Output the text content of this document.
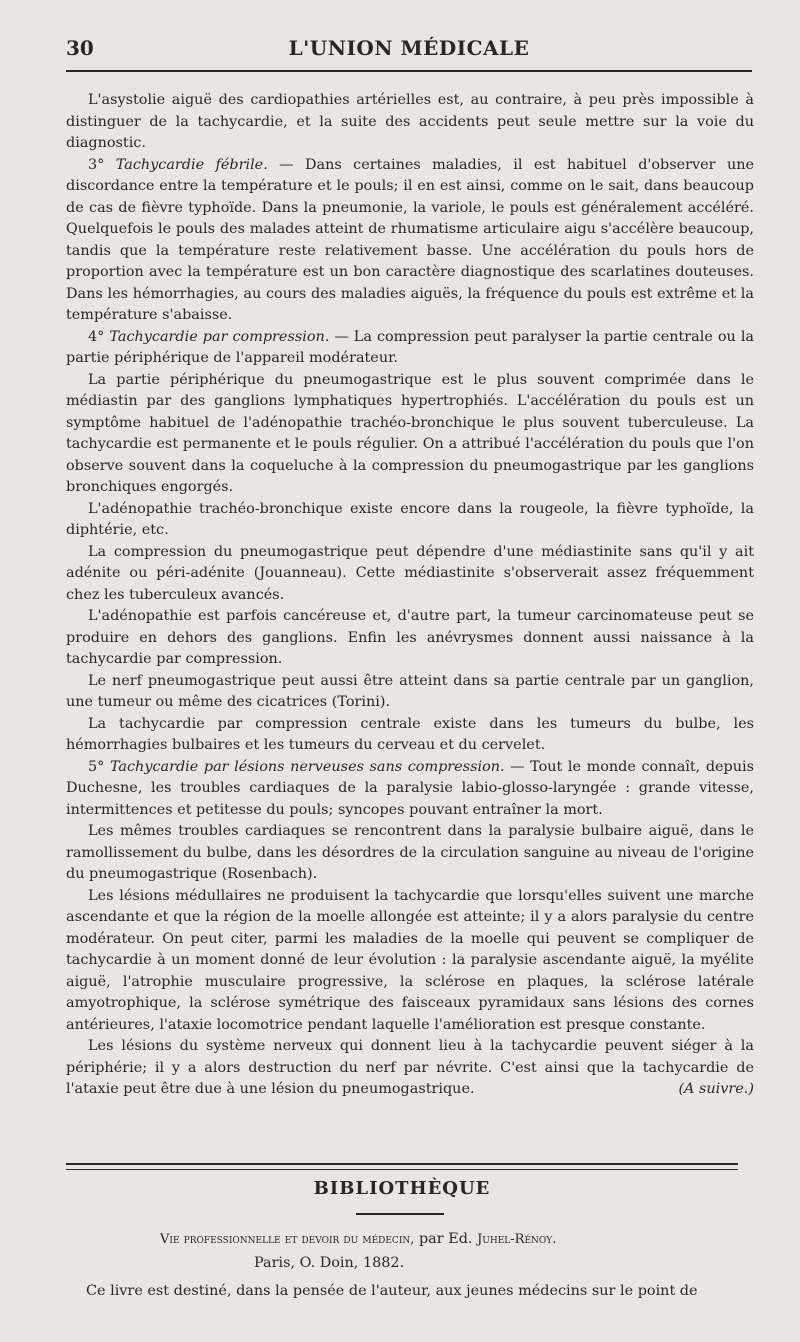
30	L'UNION MÉDICALE

L'asystolie aiguë des cardiopathies artérielles est, au contraire, à peu près impossible à distinguer de la tachycardie, et la suite des accidents peut seule mettre sur la voie du diagnostic.

3° Tachycardie fébrile. — Dans certaines maladies, il est habituel d'observer une discordance entre la température et le pouls; il en est ainsi, comme on le sait, dans beaucoup de cas de fièvre typhoïde. Dans la pneumonie, la variole, le pouls est généralement accéléré. Quelquefois le pouls des malades atteint de rhumatisme articulaire aigu s'accélère beaucoup, tandis que la température reste relativement basse. Une accélération du pouls hors de proportion avec la température est un bon caractère diagnostique des scarlatines douteuses. Dans les hémorrhagies, au cours des maladies aiguës, la fréquence du pouls est extrême et la température s'abaisse.

4° Tachycardie par compression. — La compression peut paralyser la partie centrale ou la partie périphérique de l'appareil modérateur.

La partie périphérique du pneumogastrique est le plus souvent comprimée dans le médiastin par des ganglions lymphatiques hypertrophiés. L'accélération du pouls est un symptôme habituel de l'adénopathie trachéo-bronchique le plus souvent tuberculeuse. La tachycardie est permanente et le pouls régulier. On a attribué l'accélération du pouls que l'on observe souvent dans la coqueluche à la compression du pneumogastrique par les ganglions bronchiques engorgés.

L'adénopathie trachéo-bronchique existe encore dans la rougeole, la fièvre typhoïde, la diphtérie, etc.

La compression du pneumogastrique peut dépendre d'une médiastinite sans qu'il y ait adénite ou péri-adénite (Jouanneau). Cette médiastinite s'observerait assez fréquemment chez les tuberculeux avancés.

L'adénopathie est parfois cancéreuse et, d'autre part, la tumeur carcinomateuse peut se produire en dehors des ganglions. Enfin les anévrysmes donnent aussi naissance à la tachycardie par compression.

Le nerf pneumogastrique peut aussi être atteint dans sa partie centrale par un ganglion, une tumeur ou même des cicatrices (Torini).

La tachycardie par compression centrale existe dans les tumeurs du bulbe, les hémorrhagies bulbaires et les tumeurs du cerveau et du cervelet.

5° Tachycardie par lésions nerveuses sans compression. — Tout le monde connaît, depuis Duchesne, les troubles cardiaques de la paralysie labio-glosso-laryngée : grande vitesse, intermittences et petitesse du pouls; syncopes pouvant entraîner la mort.

Les mêmes troubles cardiaques se rencontrent dans la paralysie bulbaire aiguë, dans le ramollissement du bulbe, dans les désordres de la circulation sanguine au niveau de l'origine du pneumogastrique (Rosenbach).

Les lésions médullaires ne produisent la tachycardie que lorsqu'elles suivent une marche ascendante et que la région de la moelle allongée est atteinte; il y a alors paralysie du centre modérateur. On peut citer, parmi les maladies de la moelle qui peuvent se compliquer de tachycardie à un moment donné de leur évolution : la paralysie ascendante aiguë, la myélite aiguë, l'atrophie musculaire progressive, la sclérose en plaques, la sclérose latérale amyotrophique, la sclérose symétrique des faisceaux pyramidaux sans lésions des cornes antérieures, l'ataxie locomotrice pendant laquelle l'amélioration est presque constante.

Les lésions du système nerveux qui donnent lieu à la tachycardie peuvent siéger à la périphérie; il y a alors destruction du nerf par névrite. C'est ainsi que la tachycardie de l'ataxie peut être due à une lésion du pneumogastrique.	(A suivre.)

BIBLIOTHÈQUE
Vie professionnelle et devoir du médecin, par Ed. Juhel-Rénoy.
Paris, O. Doin, 1882.
Ce livre est destiné, dans la pensée de l'auteur, aux jeunes médecins sur le point de
